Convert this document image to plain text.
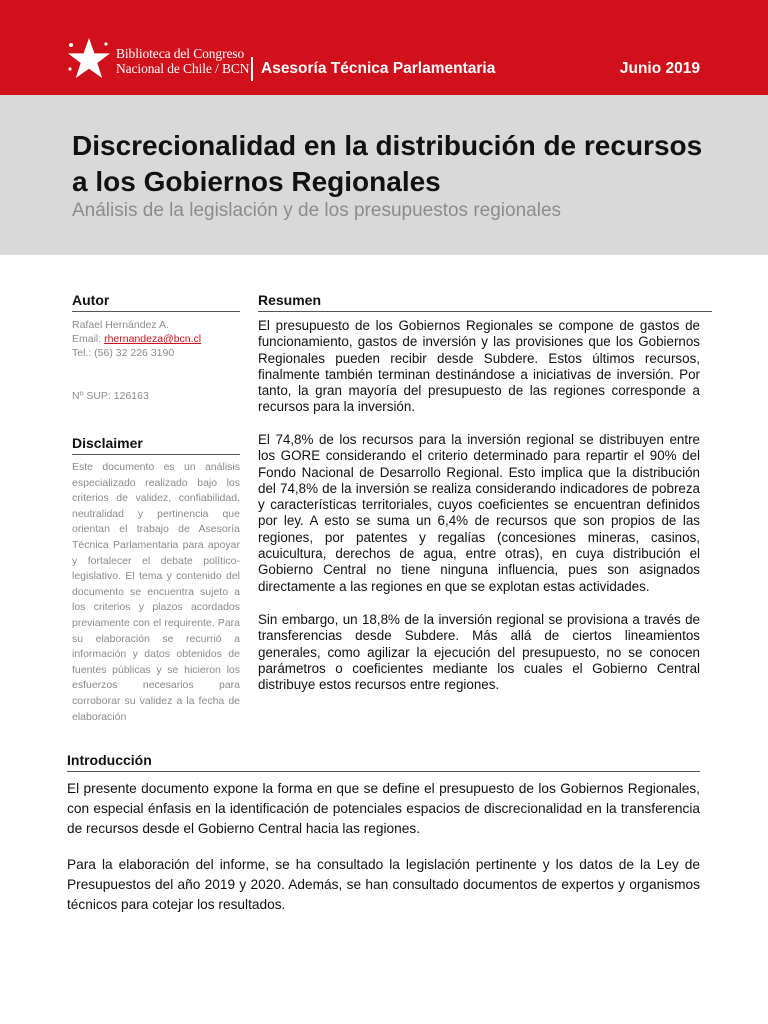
Biblioteca del Congreso
Nacional de Chile / BCN Asesoría Técnica Parlamentaria	Junio 2019
Discrecionalidad en la distribución de recursos a los Gobiernos Regionales
Análisis de la legislación y de los presupuestos regionales
Autor
Rafael Hernández A.
Email: rhernandeza@bcn.cl
Tel.: (56) 32 226 3190
Nº SUP: 126163
Disclaimer
Este documento es un análisis especializado realizado bajo los criterios de validez, confiabilidad, neutralidad y pertinencia que orientan el trabajo de Asesoría Técnica Parlamentaria para apoyar y fortalecer el debate político-legislativo. El tema y contenido del documento se encuentra sujeto a los criterios y plazos acordados previamente con el requirente. Para su elaboración se recurrió a información y datos obtenidos de fuentes públicas y se hicieron los esfuerzos necesarios para corroborar su validez a la fecha de elaboración
Resumen

El presupuesto de los Gobiernos Regionales se compone de gastos de funcionamiento, gastos de inversión y las provisiones que los Gobiernos Regionales pueden recibir desde Subdere. Estos últimos recursos, finalmente también terminan destinándose a iniciativas de inversión. Por tanto, la gran mayoría del presupuesto de las regiones corresponde a recursos para la inversión.

El 74,8% de los recursos para la inversión regional se distribuyen entre los GORE considerando el criterio determinado para repartir el 90% del Fondo Nacional de Desarrollo Regional. Esto implica que la distribución del 74,8% de la inversión se realiza considerando indicadores de pobreza y características territoriales, cuyos coeficientes se encuentran definidos por ley. A esto se suma un 6,4% de recursos que son propios de las regiones, por patentes y regalías (concesiones mineras, casinos, acuicultura, derechos de agua, entre otras), en cuya distribución el Gobierno Central no tiene ninguna influencia, pues son asignados directamente a las regiones en que se explotan estas actividades.

Sin embargo, un 18,8% de la inversión regional se provisiona a través de transferencias desde Subdere. Más allá de ciertos lineamientos generales, como agilizar la ejecución del presupuesto, no se conocen parámetros o coeficientes mediante los cuales el Gobierno Central distribuye estos recursos entre regiones.

Introducción

El presente documento expone la forma en que se define el presupuesto de los Gobiernos Regionales, con especial énfasis en la identificación de potenciales espacios de discrecionalidad en la transferencia de recursos desde el Gobierno Central hacia las regiones.

Para la elaboración del informe, se ha consultado la legislación pertinente y los datos de la Ley de Presupuestos del año 2019 y 2020. Además, se han consultado documentos de expertos y organismos técnicos para cotejar los resultados.
